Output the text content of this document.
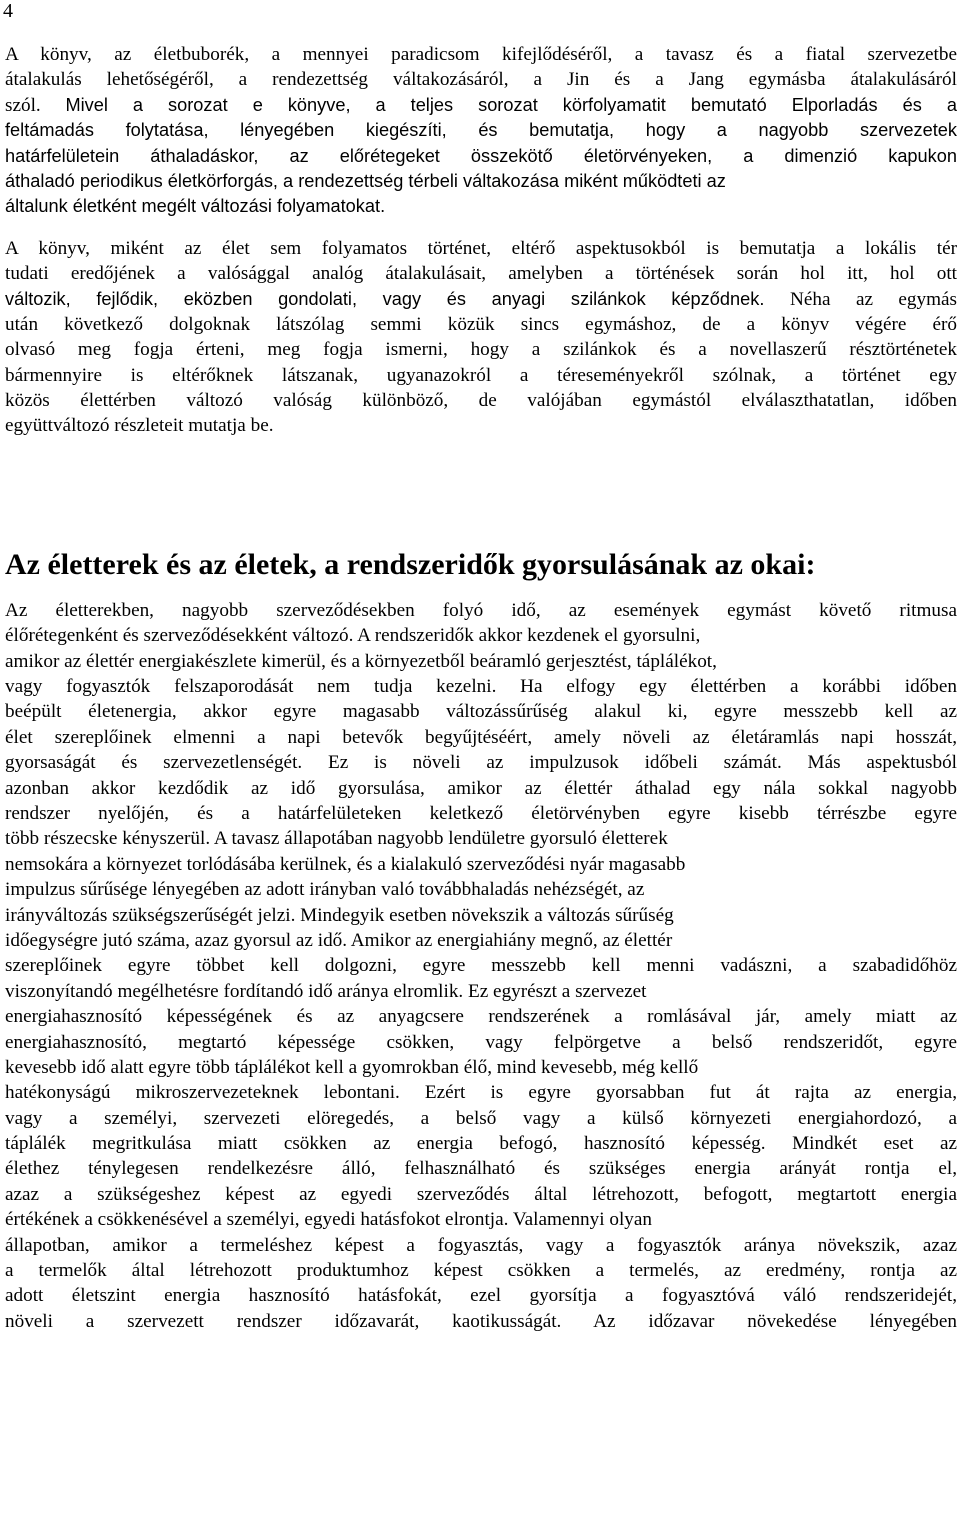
4
A könyv, az életbuborék, a mennyei paradicsom kifejlődéséről, a tavasz és a fiatal szervezetbe
átalakulás lehetőségéről, a rendezettség váltakozásáról, a Jin és a Jang egymásba átalakulásáról
szól. Mivel a sorozat e könyve, a teljes sorozat körfolyamatit bemutató Elporladás és a
feltámadás folytatása, lényegében kiegészíti, és bemutatja, hogy a nagyobb szervezetek
határfelületein áthaladáskor, az előrétegeket összekötő életörvényeken, a dimenzió kapukon
áthaladó periodikus életkörforgás, a rendezettség térbeli váltakozása miként működteti az
általunk életként megélt változási folyamatokat.
A könyv, miként az élet sem folyamatos történet, eltérő aspektusokból is bemutatja a lokális tér
tudati eredőjének a valósággal analóg átalakulásait, amelyben a történések során hol itt, hol ott
változik, fejlődik, eközben gondolati, vagy és anyagi szilánkok képződnek. Néha az egymás
után következő dolgoknak látszólag semmi közük sincs egymáshoz, de a könyv végére érő
olvasó meg fogja érteni, meg fogja ismerni, hogy a szilánkok és a novellaszerű résztörténetek
bármennyire is eltérőknek látszanak, ugyanazokról a téreseményekről szólnak, a történet egy
közös élettérben változó valóság különböző, de valójában egymástól elválaszthatatlan, időben
együttváltozó részleteit mutatja be.
Az életterek és az életek, a rendszeridők gyorsulásának az okai:
Az életterekben, nagyobb szerveződésekben folyó idő, az események egymást követő ritmusa
élőrétegenként és szerveződésekként változó. A rendszeridők akkor kezdenek el gyorsulni,
amikor az élettér energiakészlete kimerül, és a környezetből beáramló gerjesztést, táplálékot,
vagy fogyasztók felszaporodását nem tudja kezelni. Ha elfogy egy élettérben a korábbi időben
beépült életenergia, akkor egyre magasabb változássűrűség alakul ki, egyre messzebb kell az
élet szereplőinek elmenni a napi betevők begyűjtéséért, amely növeli az életáramlás napi hosszát,
gyorsaságát és szervezetlenségét. Ez is növeli az impulzusok időbeli számát. Más aspektusból
azonban akkor kezdődik az idő gyorsulása, amikor az élettér áthalad egy nála sokkal nagyobb
rendszer nyelőjén, és a határfelületeken keletkező életörvényben egyre kisebb térrészbe egyre
több részecske kényszerül. A tavasz állapotában nagyobb lendületre gyorsuló életterek
nemsokára a környezet torlódásába kerülnek, és a kialakuló szerveződési nyár magasabb
impulzus sűrűsége lényegében az adott irányban való továbbhaladás nehézségét, az
irányváltozás szükségszerűségét jelzi. Mindegyik esetben növekszik a változás sűrűség
időegységre jutó száma, azaz gyorsul az idő. Amikor az energiahiány megnő, az élettér
szereplőinek egyre többet kell dolgozni, egyre messzebb kell menni vadászni, a szabadidőhöz
viszonyítandó megélhetésre fordítandó idő aránya elromlik. Ez egyrészt a szervezet
energiahasznosító képességének és az anyagcsere rendszerének a romlásával jár, amely miatt az
energiahasznosító, megtartó képessége csökken, vagy felpörgetve a belső rendszeridőt, egyre
kevesebb idő alatt egyre több táplálékot kell a gyomrokban élő, mind kevesebb, még kellő
hatékonyságú mikroszervezeteknek lebontani. Ezért is egyre gyorsabban fut át rajta az energia,
vagy a személyi, szervezeti elöregedés, a belső vagy a külső környezeti energiahordozó, a
táplálék megritkulása miatt csökken az energia befogó, hasznosító képesség. Mindkét eset az
élethez ténylegesen rendelkezésre álló, felhasználható és szükséges energia arányát rontja el,
azaz a szükségeshez képest az egyedi szerveződés által létrehozott, befogott, megtartott energia
értékének a csökkenésével a személyi, egyedi hatásfokot elrontja. Valamennyi olyan
állapotban, amikor a termeléshez képest a fogyasztás, vagy a fogyasztók aránya növekszik, azaz
a termelők által létrehozott produktumhoz képest csökken a termelés, az eredmény, rontja az
adott életszint energia hasznosító hatásfokát, ezel gyorsítja a fogyasztóvá váló rendszeridejét,
növeli a szervezett rendszer időzavarát, kaotikusságát. Az időzavar növekedése lényegében
